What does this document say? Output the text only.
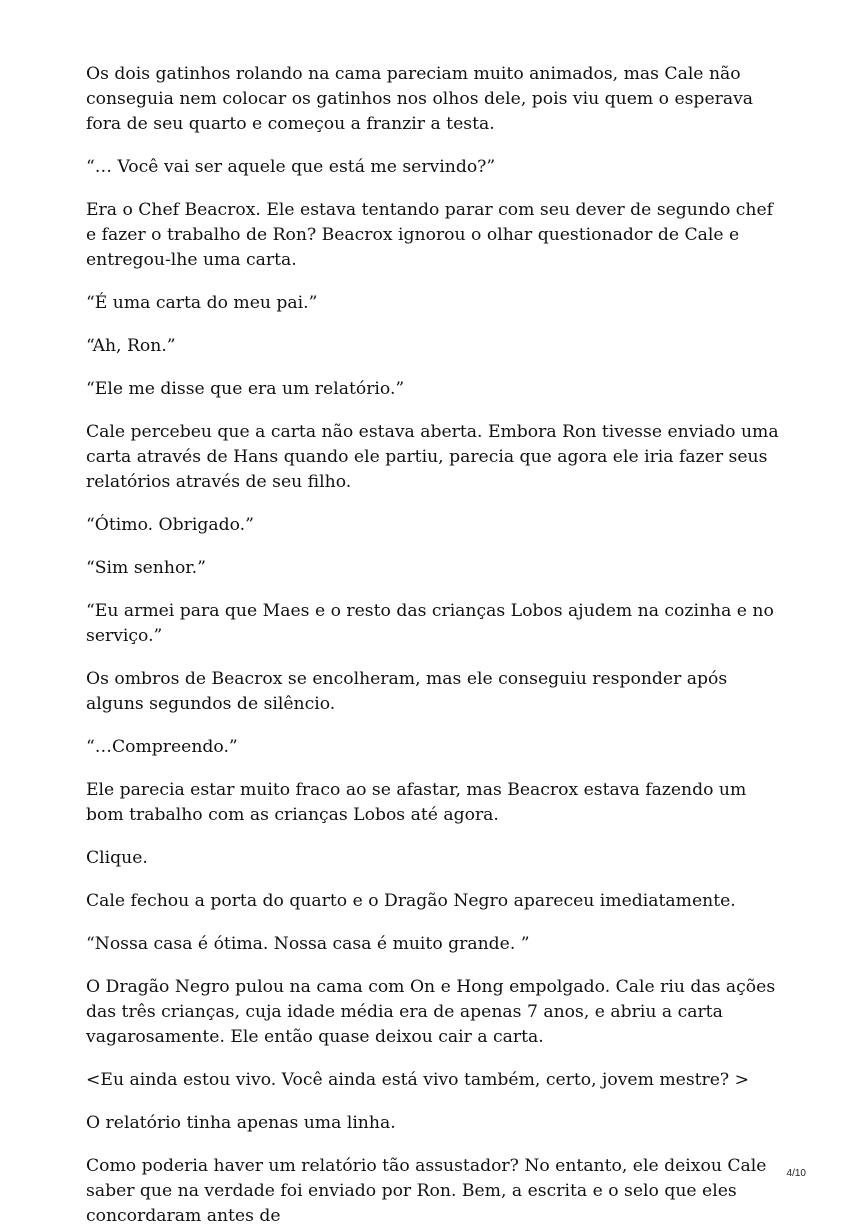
Os dois gatinhos rolando na cama pareciam muito animados, mas Cale não conseguia nem colocar os gatinhos nos olhos dele, pois viu quem o esperava fora de seu quarto e começou a franzir a testa.

“… Você vai ser aquele que está me servindo?”

Era o Chef Beacrox. Ele estava tentando parar com seu dever de segundo chef e fazer o trabalho de Ron? Beacrox ignorou o olhar questionador de Cale e entregou-lhe uma carta.

“É uma carta do meu pai.”

“Ah, Ron.”

“Ele me disse que era um relatório.”

Cale percebeu que a carta não estava aberta. Embora Ron tivesse enviado uma carta através de Hans quando ele partiu, parecia que agora ele iria fazer seus relatórios através de seu filho.

“Ótimo. Obrigado.”

“Sim senhor.”

“Eu armei para que Maes e o resto das crianças Lobos ajudem na cozinha e no serviço.”

Os ombros de Beacrox se encolheram, mas ele conseguiu responder após alguns segundos de silêncio.

“…Compreendo.”

Ele parecia estar muito fraco ao se afastar, mas Beacrox estava fazendo um bom trabalho com as crianças Lobos até agora.

Clique.

Cale fechou a porta do quarto e o Dragão Negro apareceu imediatamente.

“Nossa casa é ótima. Nossa casa é muito grande. ”

O Dragão Negro pulou na cama com On e Hong empolgado. Cale riu das ações das três crianças, cuja idade média era de apenas 7 anos, e abriu a carta vagarosamente. Ele então quase deixou cair a carta.

<Eu ainda estou vivo. Você ainda está vivo também, certo, jovem mestre? >

O relatório tinha apenas uma linha.

Como poderia haver um relatório tão assustador? No entanto, ele deixou Cale saber que na verdade foi enviado por Ron. Bem, a escrita e o selo que eles concordaram antes de

4/10
